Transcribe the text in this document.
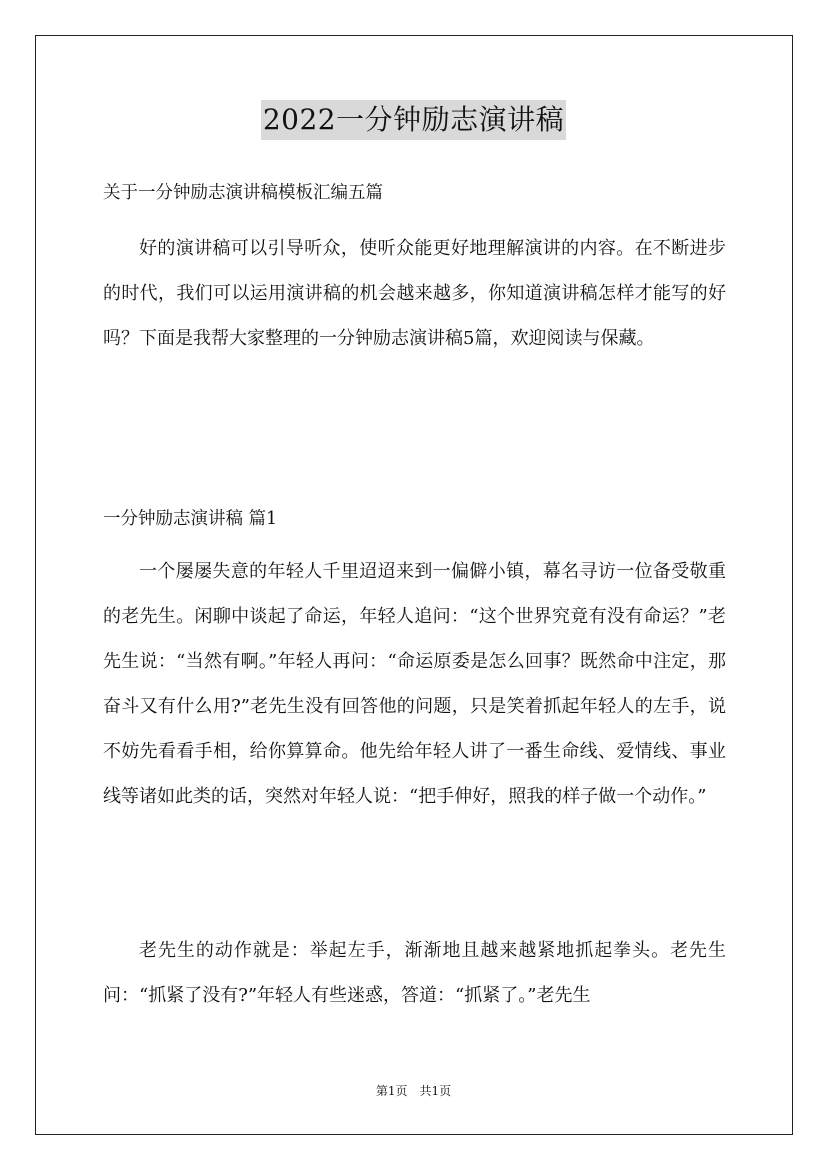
2022一分钟励志演讲稿
关于一分钟励志演讲稿模板汇编五篇

好的演讲稿可以引导听众，使听众能更好地理解演讲的内容。在不断进步的时代，我们可以运用演讲稿的机会越来越多，你知道演讲稿怎样才能写的好吗？下面是我帮大家整理的一分钟励志演讲稿5篇，欢迎阅读与保藏。

一分钟励志演讲稿 篇1

一个屡屡失意的年轻人千里迢迢来到一偏僻小镇，幕名寻访一位备受敬重的老先生。闲聊中谈起了命运，年轻人追问：“这个世界究竟有没有命运？”老先生说：“当然有啊。”年轻人再问：“命运原委是怎么回事？既然命中注定，那奋斗又有什么用?”老先生没有回答他的问题，只是笑着抓起年轻人的左手，说不妨先看看手相，给你算算命。他先给年轻人讲了一番生命线、爱情线、事业线等诸如此类的话，突然对年轻人说：“把手伸好，照我的样子做一个动作。”

老先生的动作就是：举起左手，渐渐地且越来越紧地抓起拳头。老先生问：“抓紧了没有?”年轻人有些迷惑，答道：“抓紧了。”老先生

第1页　共1页
